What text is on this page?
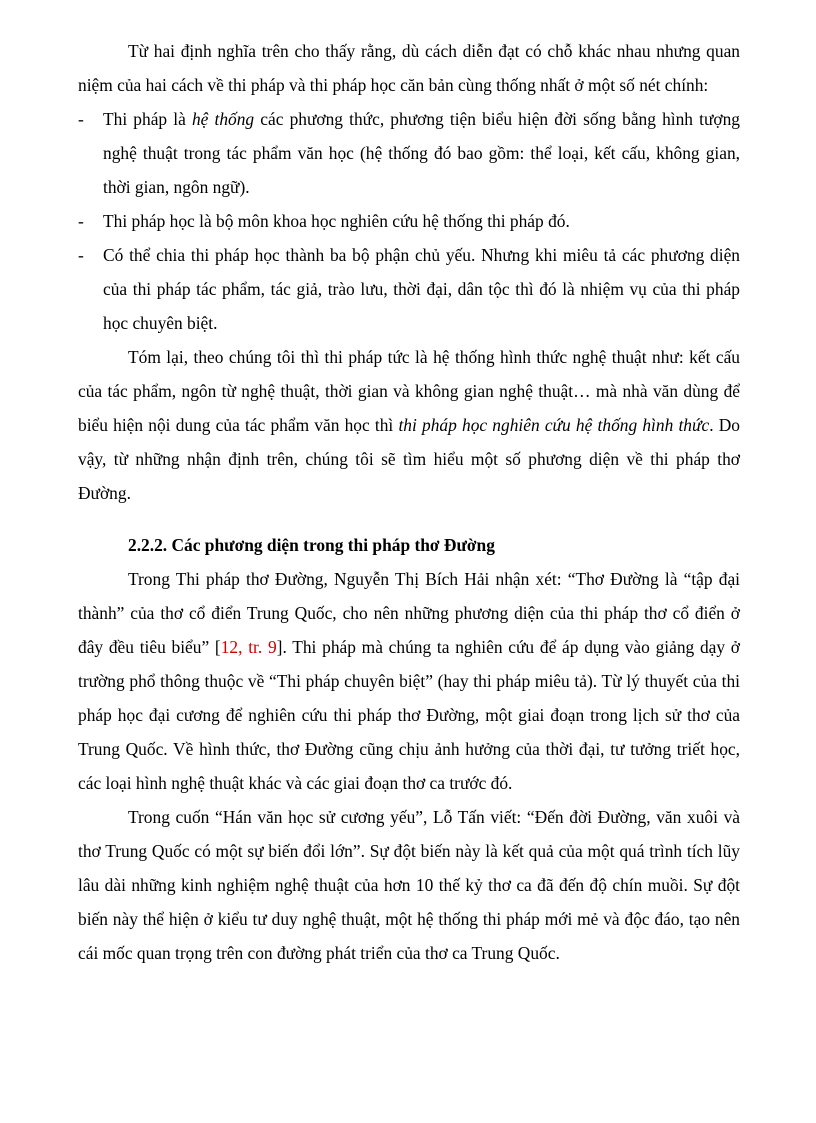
Từ hai định nghĩa trên cho thấy rằng, dù cách diễn đạt có chỗ khác nhau nhưng quan niệm của hai cách về thi pháp và thi pháp học căn bản cùng thống nhất ở một số nét chính:

- Thi pháp là hệ thống các phương thức, phương tiện biểu hiện đời sống bằng hình tượng nghệ thuật trong tác phẩm văn học (hệ thống đó bao gồm: thể loại, kết cấu, không gian, thời gian, ngôn ngữ).

- Thi pháp học là bộ môn khoa học nghiên cứu hệ thống thi pháp đó.

- Có thể chia thi pháp học thành ba bộ phận chủ yếu. Nhưng khi miêu tả các phương diện của thi pháp tác phẩm, tác giả, trào lưu, thời đại, dân tộc thì đó là nhiệm vụ của thi pháp học chuyên biệt.

Tóm lại, theo chúng tôi thì thi pháp tức là hệ thống hình thức nghệ thuật như: kết cấu của tác phẩm, ngôn từ nghệ thuật, thời gian và không gian nghệ thuật… mà nhà văn dùng để biểu hiện nội dung của tác phẩm văn học thì thi pháp học nghiên cứu hệ thống hình thức. Do vậy, từ những nhận định trên, chúng tôi sẽ tìm hiểu một số phương diện về thi pháp thơ Đường.

2.2.2. Các phương diện trong thi pháp thơ Đường

Trong Thi pháp thơ Đường, Nguyễn Thị Bích Hải nhận xét: “Thơ Đường là “tập đại thành” của thơ cổ điển Trung Quốc, cho nên những phương diện của thi pháp thơ cổ điển ở đây đều tiêu biểu” [12, tr. 9]. Thi pháp mà chúng ta nghiên cứu để áp dụng vào giảng dạy ở trường phổ thông thuộc về “Thi pháp chuyên biệt” (hay thi pháp miêu tả). Từ lý thuyết của thi pháp học đại cương để nghiên cứu thi pháp thơ Đường, một giai đoạn trong lịch sử thơ của Trung Quốc. Về hình thức, thơ Đường cũng chịu ảnh hưởng của thời đại, tư tưởng triết học, các loại hình nghệ thuật khác và các giai đoạn thơ ca trước đó.

Trong cuốn “Hán văn học sử cương yếu”, Lỗ Tấn viết: “Đến đời Đường, văn xuôi và thơ Trung Quốc có một sự biến đổi lớn”. Sự đột biến này là kết quả của một quá trình tích lũy lâu dài những kinh nghiệm nghệ thuật của hơn 10 thế kỷ thơ ca đã đến độ chín muồi. Sự đột biến này thể hiện ở kiểu tư duy nghệ thuật, một hệ thống thi pháp mới mẻ và độc đáo, tạo nên cái mốc quan trọng trên con đường phát triển của thơ ca Trung Quốc.
